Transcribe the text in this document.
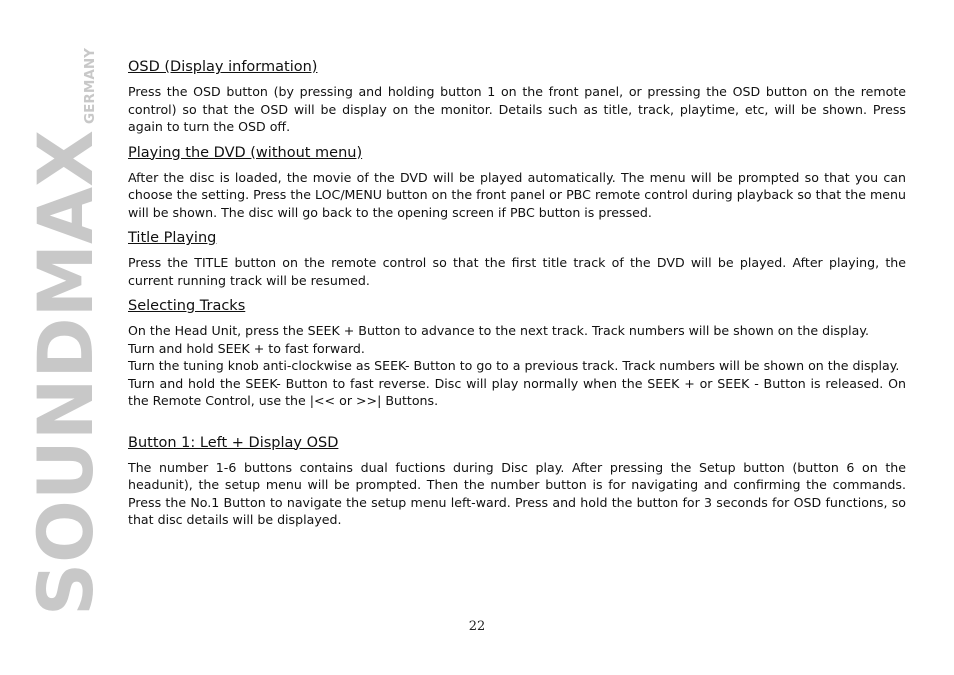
SOUNDMAX
GERMANY OSD (Display information)

Press the OSD button (by pressing and holding button 1 on the front panel, or pressing the OSD button on the remote control) so that the OSD will be display on the monitor. Details such as title, track, playtime, etc, will be shown. Press again to turn the OSD off.

Playing the DVD (without menu)

After the disc is loaded, the movie of the DVD will be played automatically. The menu will be prompted so that you can choose the setting. Press the LOC/MENU button on the front panel or PBC remote control during playback so that the menu will be shown. The disc will go back to the opening screen if PBC button is pressed.

Title Playing

Press the TITLE button on the remote control so that the first title track of the DVD will be played. After playing, the current running track will be resumed.

Selecting Tracks

On the Head Unit, press the SEEK + Button to advance to the next track. Track numbers will be shown on the display.
Turn and hold SEEK + to fast forward.
Turn the tuning knob anti-clockwise as SEEK- Button to go to a previous track. Track numbers will be shown on the display.
Turn and hold the SEEK- Button to fast reverse. Disc will play normally when the SEEK + or SEEK - Button is released. On the Remote Control, use the |<< or >>| Buttons.

Button 1: Left + Display OSD

The number 1-6 buttons contains dual fuctions during Disc play. After pressing the Setup button (button 6 on the headunit), the setup menu will be prompted. Then the number button is for navigating and confirming the commands. Press the No.1 Button to navigate the setup menu left-ward. Press and hold the button for 3 seconds for OSD functions, so that disc details will be displayed.

22
